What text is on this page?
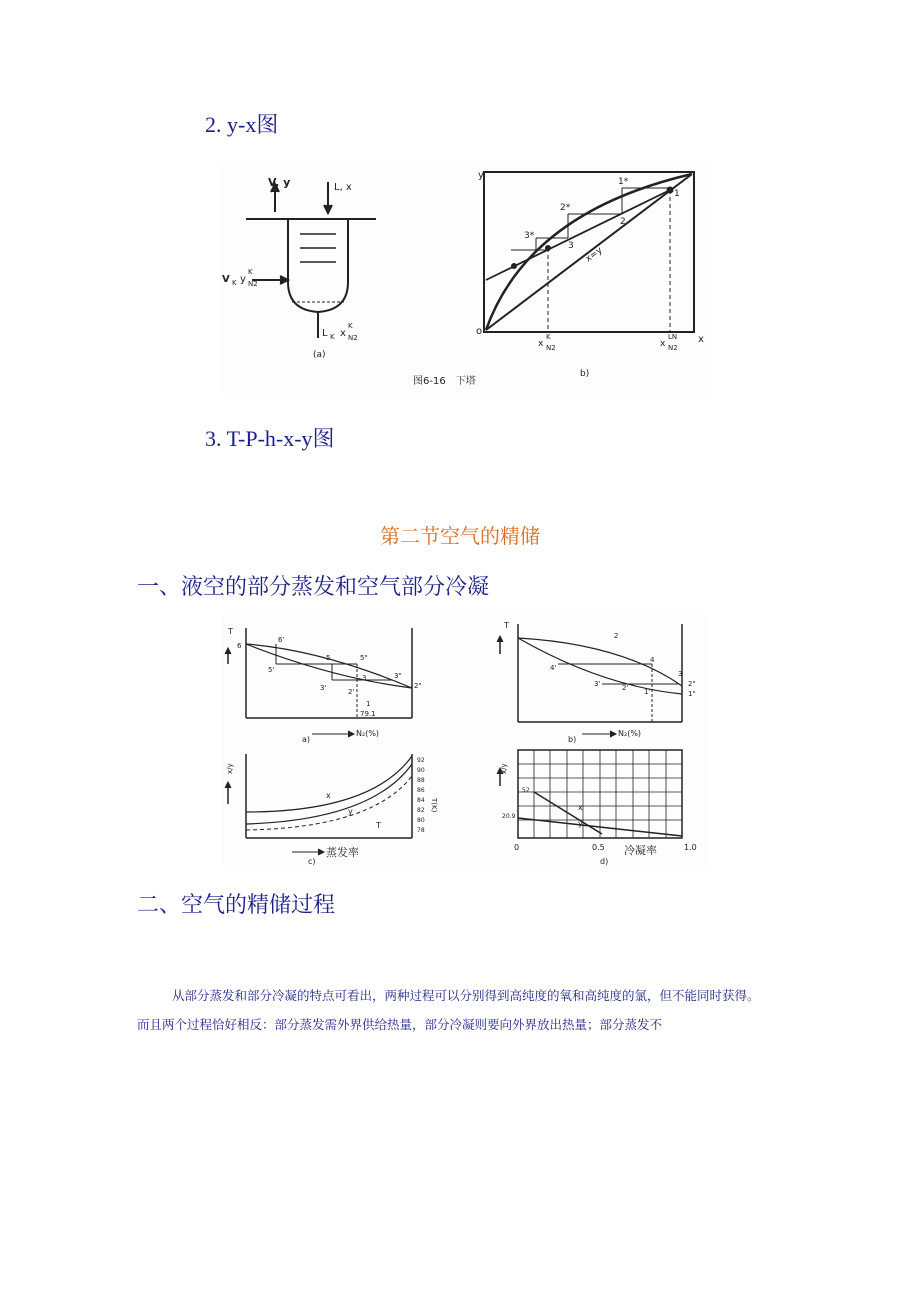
2. y-x图
V, y	L, x
V K y
K
N2
L K x
K
N2
(a)
y
x
o
x=y
1*
1
2*
2
3*
3
x
K
N2	x
LN
N2
b)
图6-16　下塔
3. T-P-h-x-y图
第二节空气的精储
一、液空的部分蒸发和空气部分冷凝
T
N₂(%)
a)
6'
6
5'
5	5"
3'
3
2'
3"
2"
1
79.1
T
N₂(%)
b)
2
4'
4
3
3'	2' 1'
2"
1"
x/y
T(K)
蒸发率
c)
x
y
T
92
90
88
86
84
82
80
78
x/y
冷凝率
d)
0	0.5	1.0
52
20.9
x
y
二、空气的精储过程
从部分蒸发和部分冷凝的特点可看出，两种过程可以分别得到高纯度的氧和高纯度的氯，但不能同时获得。
而且两个过程恰好相反：部分蒸发需外界供给热量，部分冷凝则要向外界放出热量；部分蒸发不
